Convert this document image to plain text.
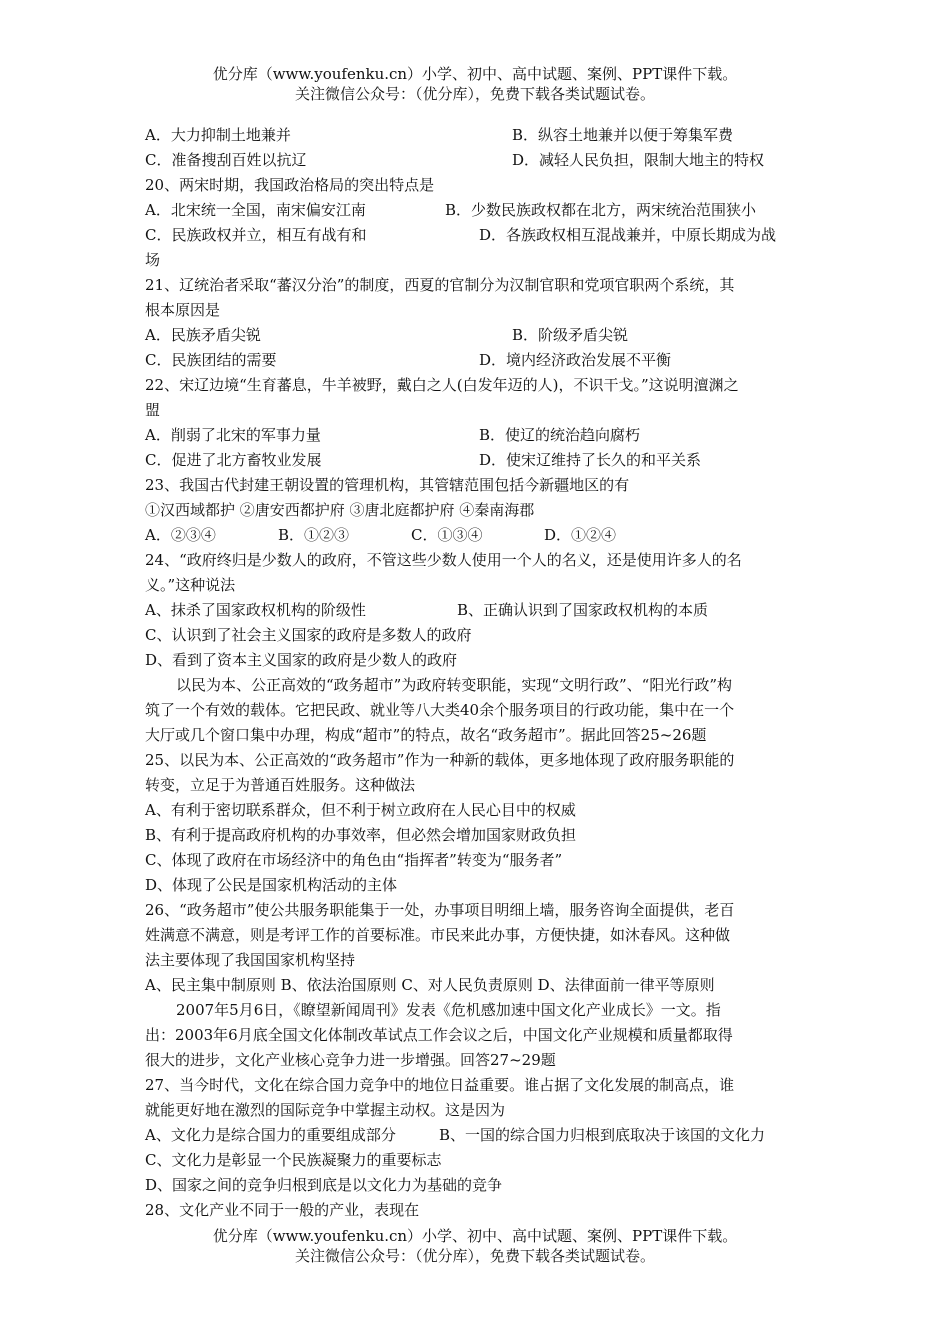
优分库（www.youfenku.cn）小学、初中、高中试题、案例、PPT课件下载。
关注微信公众号：（优分库），免费下载各类试题试卷。
A．大力抑制土地兼并	B．纵容土地兼并以便于筹集军费
C．准备搜刮百姓以抗辽	D．减轻人民负担，限制大地主的特权
20、两宋时期，我国政治格局的突出特点是
A．北宋统一全国，南宋偏安江南	B．少数民族政权都在北方，两宋统治范围狭小
C．民族政权并立，相互有战有和	D．各族政权相互混战兼并，中原长期成为战
场
21、辽统治者采取“蕃汉分治”的制度，西夏的官制分为汉制官职和党项官职两个系统，其
根本原因是
A．民族矛盾尖锐	B．阶级矛盾尖锐
C．民族团结的需要	D．境内经济政治发展不平衡
22、宋辽边境“生育蕃息，牛羊被野，戴白之人(白发年迈的人)，不识干戈。”这说明澶渊之
盟
A．削弱了北宋的军事力量	B．使辽的统治趋向腐朽
C．促进了北方畜牧业发展	D．使宋辽维持了长久的和平关系
23、我国古代封建王朝设置的管理机构，其管辖范围包括今新疆地区的有
①汉西域都护 ②唐安西都护府 ③唐北庭都护府 ④秦南海郡
A．②③④	B．①②③	C．①③④	D．①②④
24、“政府终归是少数人的政府，不管这些少数人使用一个人的名义，还是使用许多人的名
义。”这种说法
A、抹杀了国家政权机构的阶级性	B、正确认识到了国家政权机构的本质
C、认识到了社会主义国家的政府是多数人的政府
D、看到了资本主义国家的政府是少数人的政府
以民为本、公正高效的“政务超市”为政府转变职能，实现“文明行政”、“阳光行政”构
筑了一个有效的载体。它把民政、就业等八大类40余个服务项目的行政功能，集中在一个
大厅或几个窗口集中办理，构成“超市”的特点，故名“政务超市”。据此回答25~26题
25、以民为本、公正高效的“政务超市”作为一种新的载体，更多地体现了政府服务职能的
转变，立足于为普通百姓服务。这种做法
A、有利于密切联系群众，但不利于树立政府在人民心目中的权威
B、有利于提高政府机构的办事效率，但必然会增加国家财政负担
C、体现了政府在市场经济中的角色由“指挥者”转变为“服务者”
D、体现了公民是国家机构活动的主体
26、“政务超市”使公共服务职能集于一处，办事项目明细上墙，服务咨询全面提供，老百
姓满意不满意，则是考评工作的首要标准。市民来此办事，方便快捷，如沐春风。这种做
法主要体现了我国国家机构坚持
A、民主集中制原则 B、依法治国原则 C、对人民负责原则 D、法律面前一律平等原则
2007年5月6日，《瞭望新闻周刊》发表《危机感加速中国文化产业成长》一文。指
出：2003年6月底全国文化体制改革试点工作会议之后，中国文化产业规模和质量都取得
很大的进步，文化产业核心竞争力进一步增强。回答27~29题
27、当今时代，文化在综合国力竞争中的地位日益重要。谁占据了文化发展的制高点，谁
就能更好地在激烈的国际竞争中掌握主动权。这是因为
A、文化力是综合国力的重要组成部分	B、一国的综合国力归根到底取决于该国的文化力
C、文化力是彰显一个民族凝聚力的重要标志
D、国家之间的竞争归根到底是以文化力为基础的竞争
28、文化产业不同于一般的产业，表现在
优分库（www.youfenku.cn）小学、初中、高中试题、案例、PPT课件下载。
关注微信公众号：（优分库），免费下载各类试题试卷。
